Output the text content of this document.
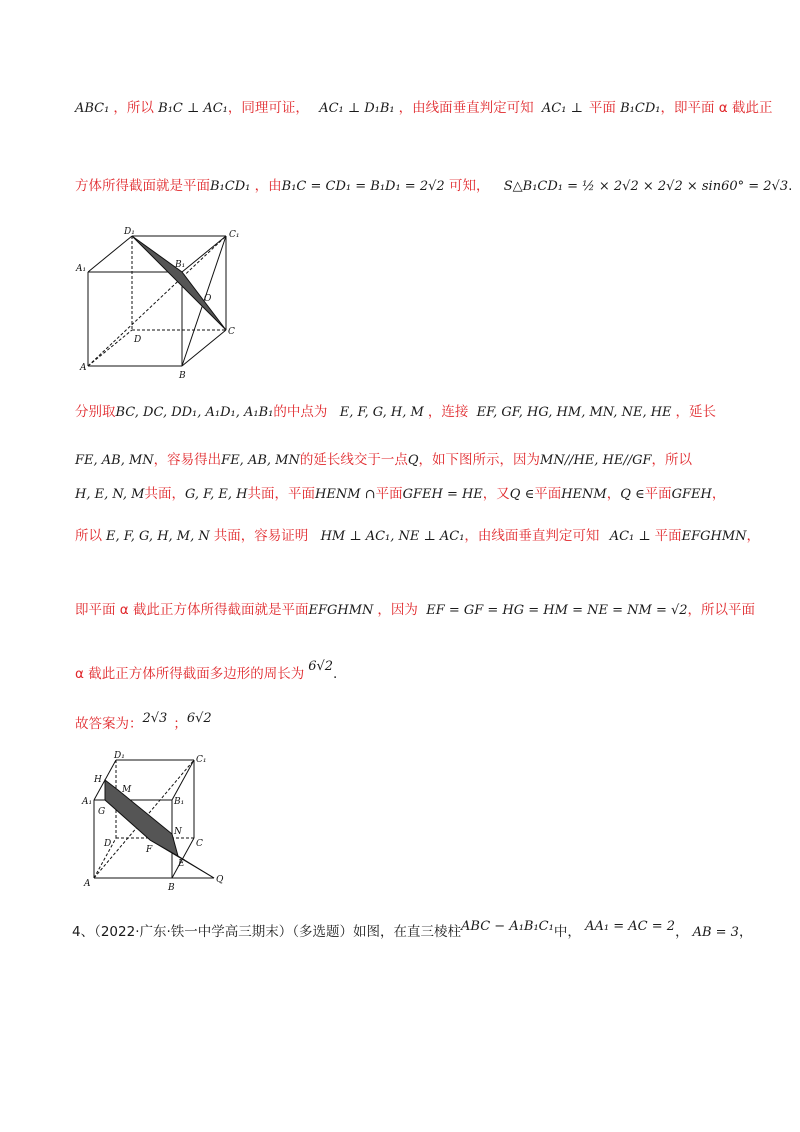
ABC₁ ，所以 B₁C ⊥ AC₁，同理可证， AC₁ ⊥ D₁B₁ ，由线面垂直判定可知 AC₁ ⊥ 平面 B₁CD₁，即平面 α 截此正
方体所得截面就是平面B₁CD₁ ，由B₁C = CD₁ = B₁D₁ = 2√2 可知， S△B₁CD₁ = ½ × 2√2 × 2√2 × sin60° = 2√3.
D₁	C₁
A₁	B₁
O
D
C
A
B
分别取BC, DC, DD₁, A₁D₁, A₁B₁的中点为 E, F, G, H, M ，连接 EF, GF, HG, HM, MN, NE, HE ，延长
FE, AB, MN，容易得出FE, AB, MN的延长线交于一点Q，如下图所示，因为MN//HE, HE//GF，所以
H, E, N, M共面，G, F, E, H共面，平面HENM ∩平面GFEH = HE，又Q ∈平面HENM，Q ∈平面GFEH，
所以 E, F, G, H, M, N 共面，容易证明 HM ⊥ AC₁, NE ⊥ AC₁，由线面垂直判定可知 AC₁ ⊥ 平面EFGHMN，
即平面 α 截此正方体所得截面就是平面EFGHMN ，因为 EF = GF = HG = HM = NE = NM = √2，所以平面
α 截此正方体所得截面多边形的周长为 6√2.
故答案为：2√3 ；6√2
D₁	C₁
H
M
A₁	B₁
G
N
D	C
F
E
A	B
Q
4、（2022·广东·铁一中学高三期末）（多选题）如图，在直三棱柱ABC − A₁B₁C₁中， AA₁ = AC = 2， AB = 3，
